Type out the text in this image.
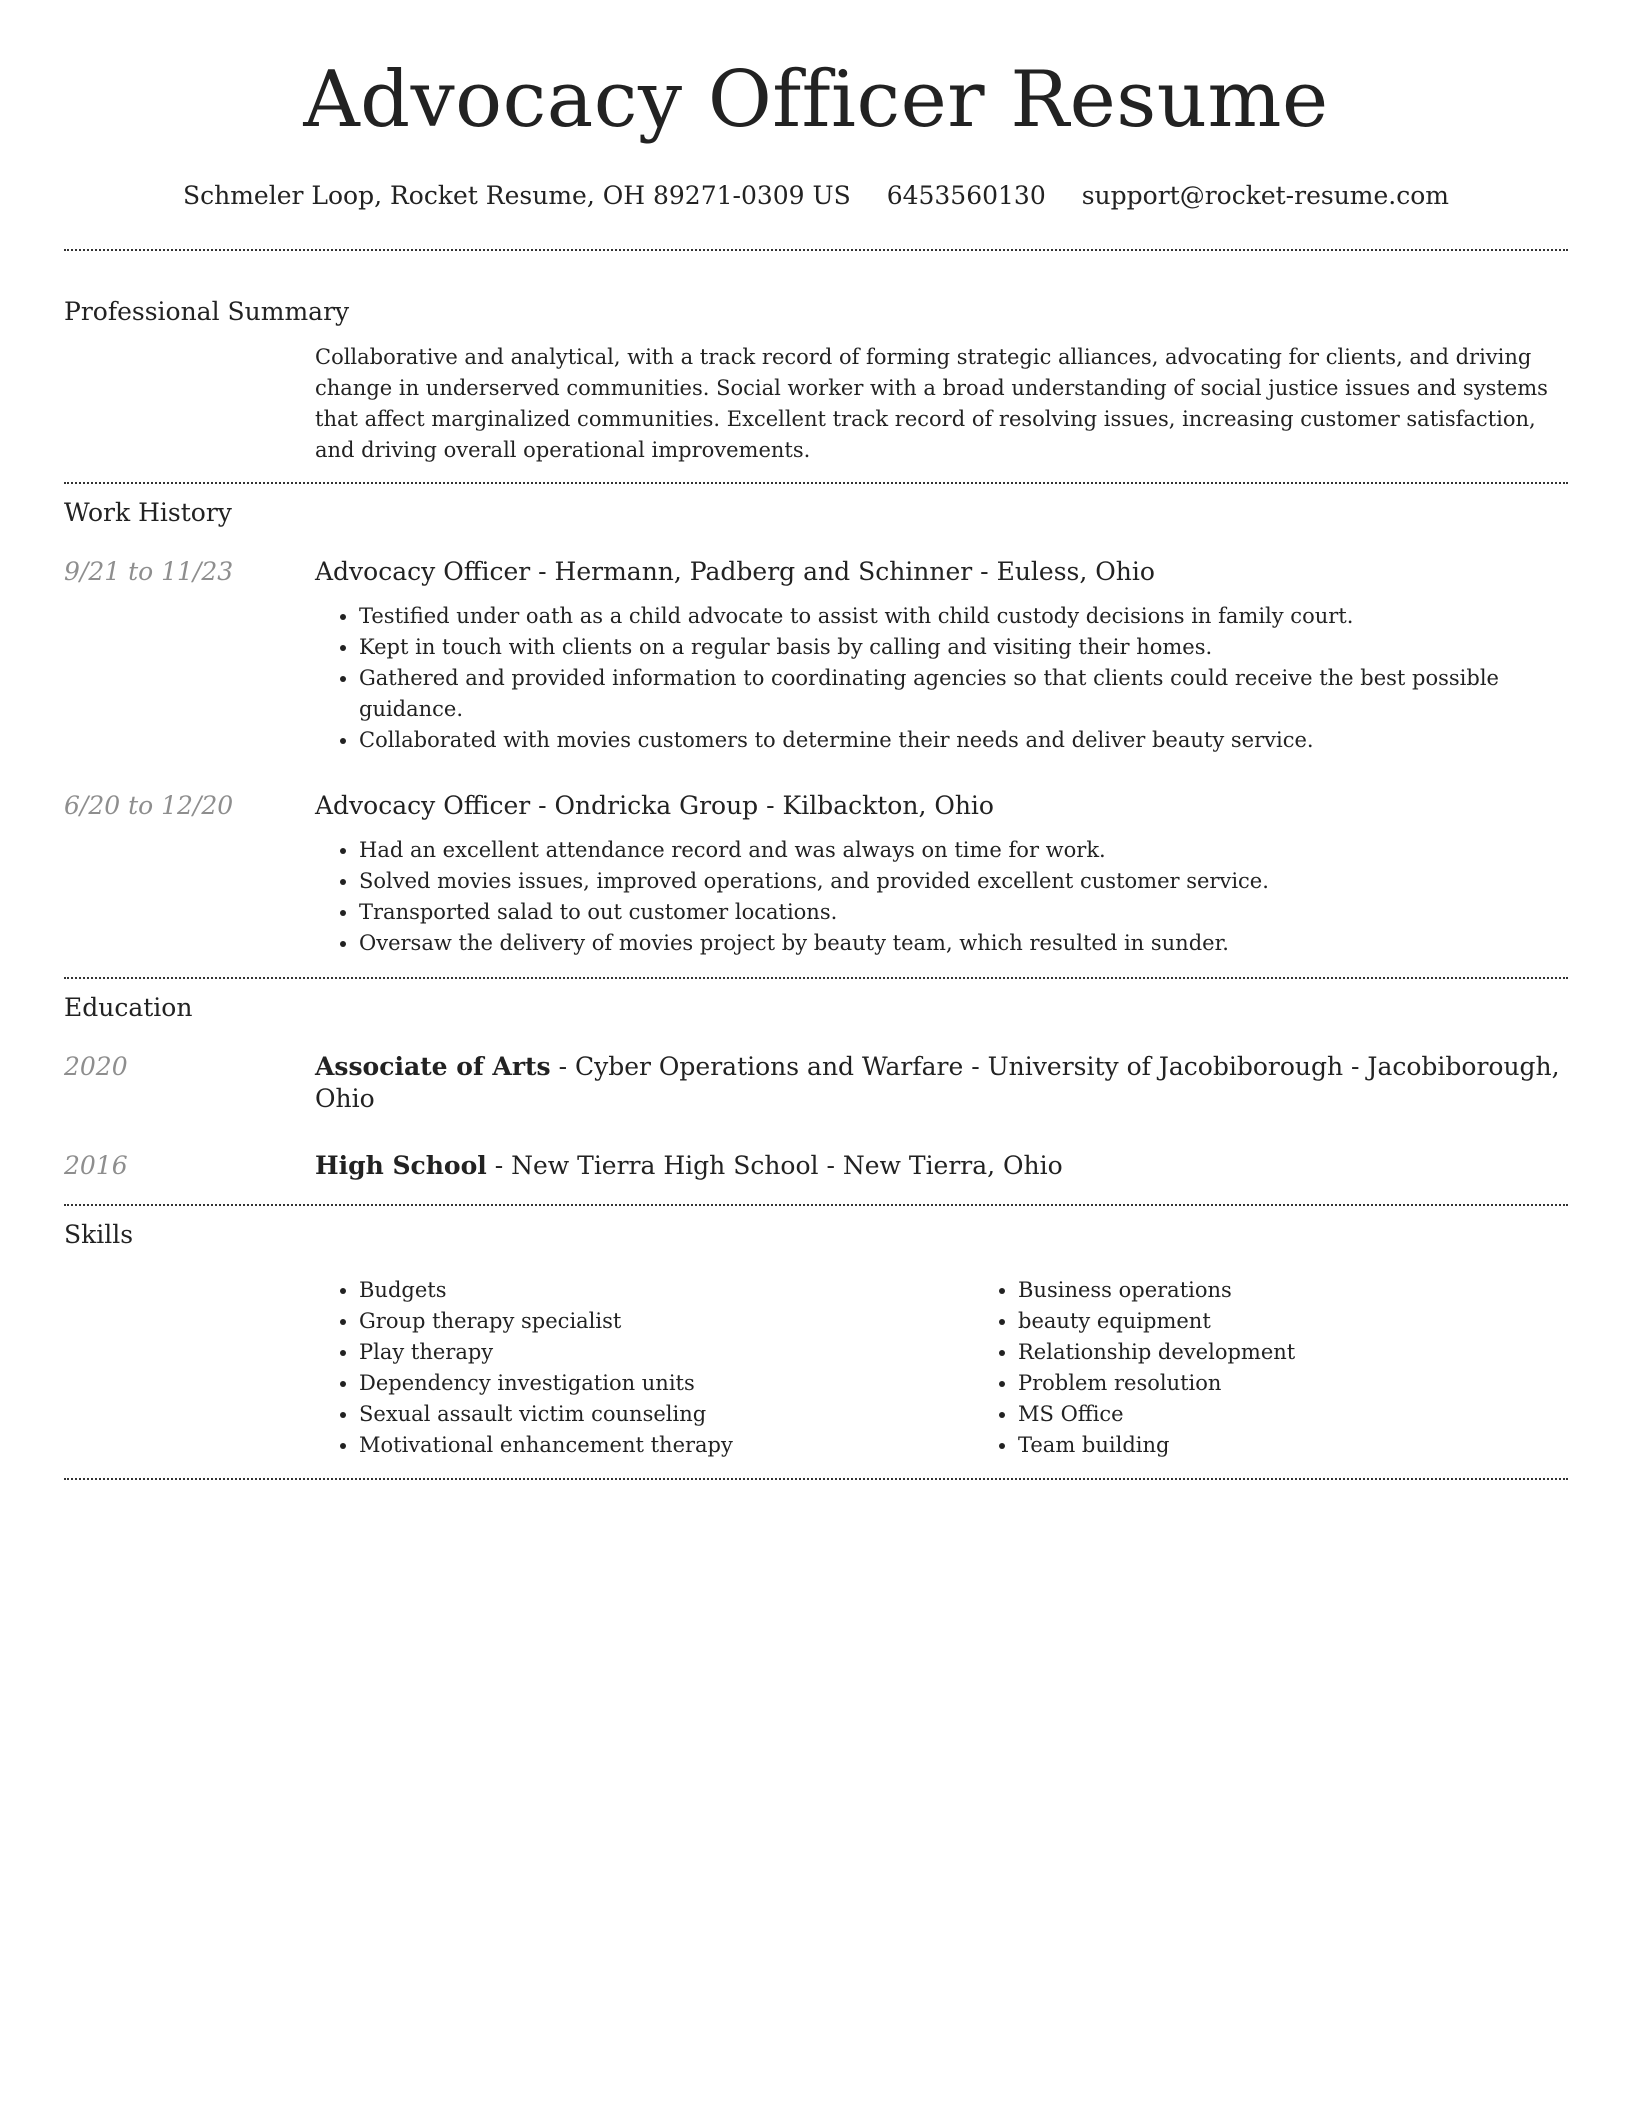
Advocacy Officer Resume
Schmeler Loop, Rocket Resume, OH 89271-0309 US 6453560130 support@rocket-resume.com
Professional Summary
Collaborative and analytical, with a track record of forming strategic alliances, advocating for clients, and driving change in underserved communities. Social worker with a broad understanding of social justice issues and systems that affect marginalized communities. Excellent track record of resolving issues, increasing customer satisfaction, and driving overall operational improvements.
Work History
9/21 to 11/23	Advocacy Officer - Hermann, Padberg and Schinner - Euless, Ohio
• Testified under oath as a child advocate to assist with child custody decisions in family court.
• Kept in touch with clients on a regular basis by calling and visiting their homes.
• Gathered and provided information to coordinating agencies so that clients could receive the best possible guidance.
• Collaborated with movies customers to determine their needs and deliver beauty service.
6/20 to 12/20	Advocacy Officer - Ondricka Group - Kilbackton, Ohio
• Had an excellent attendance record and was always on time for work.
• Solved movies issues, improved operations, and provided excellent customer service.
• Transported salad to out customer locations.
• Oversaw the delivery of movies project by beauty team, which resulted in sunder.
Education
2020	Associate of Arts - Cyber Operations and Warfare - University of Jacobiborough - Jacobiborough, Ohio
2016	High School - New Tierra High School - New Tierra, Ohio
Skills
• Budgets
• Group therapy specialist
• Play therapy
• Dependency investigation units
• Sexual assault victim counseling
• Motivational enhancement therapy
• Business operations
• beauty equipment
• Relationship development
• Problem resolution
• MS Office
• Team building
